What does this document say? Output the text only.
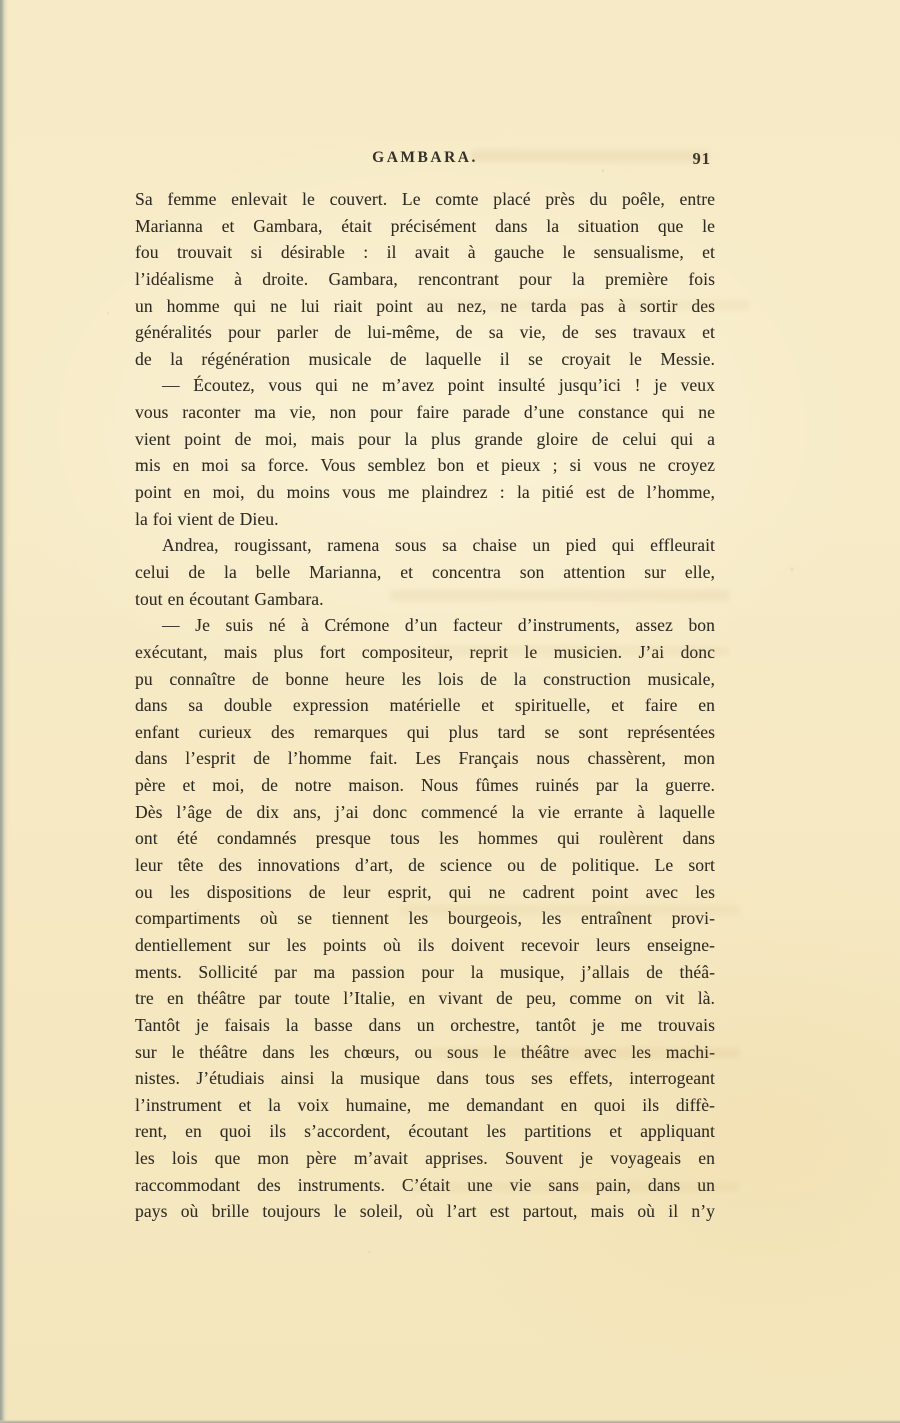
GAMBARA.	91
Sa femme enlevait le couvert. Le comte placé près du poêle, entre
Marianna et Gambara, était précisément dans la situation que le
fou trouvait si désirable : il avait à gauche le sensualisme, et
l’idéalisme à droite. Gambara, rencontrant pour la première fois
un homme qui ne lui riait point au nez, ne tarda pas à sortir des
généralités pour parler de lui-même, de sa vie, de ses travaux et
de la régénération musicale de laquelle il se croyait le Messie.
— Écoutez, vous qui ne m’avez point insulté jusqu’ici ! je veux
vous raconter ma vie, non pour faire parade d’une constance qui ne
vient point de moi, mais pour la plus grande gloire de celui qui a
mis en moi sa force. Vous semblez bon et pieux ; si vous ne croyez
point en moi, du moins vous me plaindrez : la pitié est de l’homme,
la foi vient de Dieu.
Andrea, rougissant, ramena sous sa chaise un pied qui effleurait
celui de la belle Marianna, et concentra son attention sur elle,
tout en écoutant Gambara.
— Je suis né à Crémone d’un facteur d’instruments, assez bon
exécutant, mais plus fort compositeur, reprit le musicien. J’ai donc
pu connaître de bonne heure les lois de la construction musicale,
dans sa double expression matérielle et spirituelle, et faire en
enfant curieux des remarques qui plus tard se sont représentées
dans l’esprit de l’homme fait. Les Français nous chassèrent, mon
père et moi, de notre maison. Nous fûmes ruinés par la guerre.
Dès l’âge de dix ans, j’ai donc commencé la vie errante à laquelle
ont été condamnés presque tous les hommes qui roulèrent dans
leur tête des innovations d’art, de science ou de politique. Le sort
ou les dispositions de leur esprit, qui ne cadrent point avec les
compartiments où se tiennent les bourgeois, les entraînent provi-
dentiellement sur les points où ils doivent recevoir leurs enseigne-
ments. Sollicité par ma passion pour la musique, j’allais de théâ-
tre en théâtre par toute l’Italie, en vivant de peu, comme on vit là.
Tantôt je faisais la basse dans un orchestre, tantôt je me trouvais
sur le théâtre dans les chœurs, ou sous le théâtre avec les machi-
nistes. J’étudiais ainsi la musique dans tous ses effets, interrogeant
l’instrument et la voix humaine, me demandant en quoi ils diffè-
rent, en quoi ils s’accordent, écoutant les partitions et appliquant
les lois que mon père m’avait apprises. Souvent je voyageais en
raccommodant des instruments. C’était une vie sans pain, dans un
pays où brille toujours le soleil, où l’art est partout, mais où il n’y
